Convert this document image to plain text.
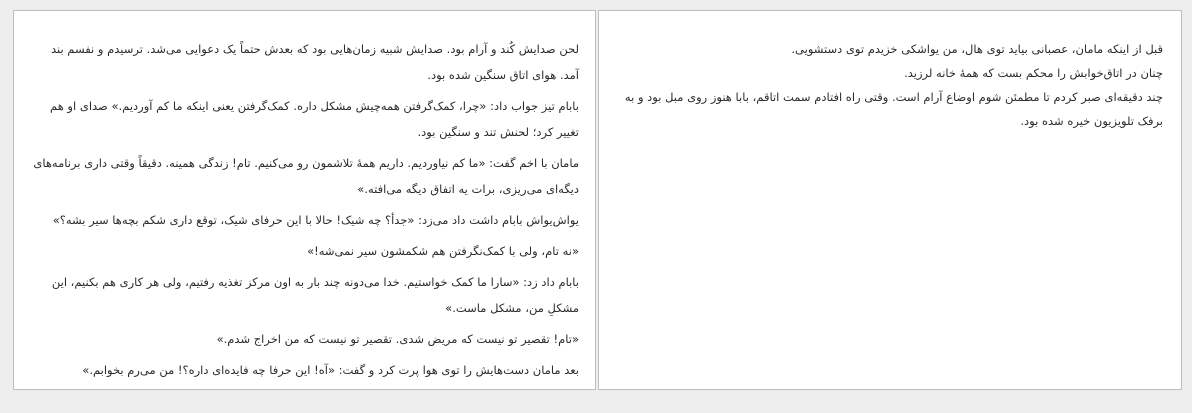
لحن صدایش کُند و آرام بود. صدایش شبیه زمان‌هایی بود که بعدش حتماً یک دعوایی می‌شد. ترسیدم و نفسم بند آمد. هوای اتاق سنگین شده بود.

بابام تیز جواب داد: «چرا، کمک‌گرفتن همه‌چیش مشکل داره. کمک‌گرفتن یعنی اینکه ما کم آوردیم.» صدای او هم تغییر کرد؛ لحنش تند و سنگین بود.

مامان با اخم گفت: «ما کم نیاوردیم. داریم همهٔ تلاشمون رو می‌کنیم. تام! زندگی همینه. دقیقاً وقتی داری برنامه‌های دیگه‌ای می‌ریزی، برات یه اتفاق دیگه می‌افته.»

یواش‌یواش بابام داشت داد می‌زد: «جدأ؟ چه شیک! حالا با این حرفای شیک، توقع داری شکم بچه‌ها سیر بشه؟»

«نه تام، ولی با کمک‌نگرفتن هم شکمشون سیر نمی‌شه!»

بابام داد زد: «سارا ما کمک خواستیم. خدا می‌دونه چند بار به اون مرکز تغذیه رفتیم، ولی هر کاری هم بکنیم، این مشکلِ من، مشکل ماست.»

«تام! تقصیر تو نیست که مریض شدی. تقصیر تو نیست که من اخراج شدم.»

بعد مامان دست‌هایش را توی هوا پرت کرد و گفت: «آه! این حرفا چه فایده‌ای داره؟! من می‌رم بخوابم.»

قبل از اینکه مامان، عصبانی بیاید توی هال، من یواشکی خزیدم توی دستشویی.

چنان در اتاق‌خوابش را محکم بست که همهٔ خانه لرزید.

چند دقیقه‌ای صبر کردم تا مطمئن شوم اوضاع آرام است. وقتی راه افتادم سمت اتاقم، بابا هنوز روی مبل بود و به برفک تلویزیون خیره شده بود.
